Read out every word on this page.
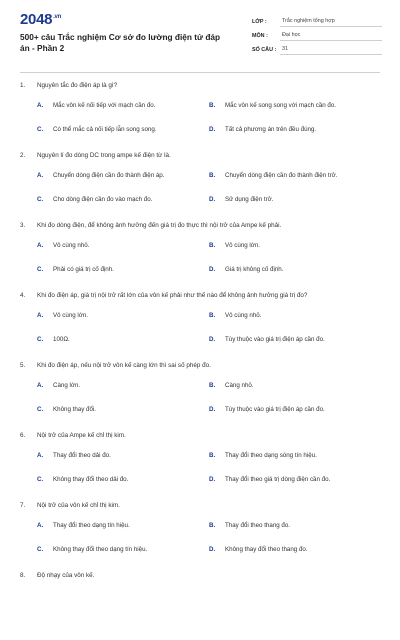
$2048^{.vn}$
500+ câu Trắc nghiệm Cơ sở đo lường điện tử đáp án - Phần 2
LỚP :	Trắc nghiệm tổng hợp
MÔN :	Đại học
SỐ CÂU :	31
1.	Nguyên tắc đo điện áp là gì?
A.	Mắc vôn kế nối tiếp với mạch cần đo.	B.	Mắc vôn kế song song với mạch cần đo.
C.	Có thể mắc cả nối tiếp lẫn song song.	D.	Tất cả phương án trên đều đúng.
2.	Nguyên lí đo dòng DC trong ampe kế điện từ là.
A.	Chuyển dòng điện cần đo thành điện áp.	B.	Chuyển dòng điện cần đo thành điện trở.
C.	Cho dòng điện cần đo vào mạch đo.	D.	Sử dụng điện trở.
3.	Khi đo dòng điện, để không ảnh hưởng đến giá trị đo thực thì nội trở của Ampe kế phải.
A.	Vô cùng nhỏ.	B.	Vô cùng lớn.
C.	Phải có giá trị cố định.	D.	Giá trị không cố định.
4.	Khi đo điện áp, giá trị nội trở rất lớn của vôn kế phải như thế nào để không ảnh hưởng giá trị đo?
A.	Vô cùng lớn.	B.	Vô cùng nhỏ.
C.	100Ω.	D.	Tùy thuộc vào giá trị điện áp cần đo.
5.	Khi đo điện áp, nếu nội trở vôn kế càng lớn thì sai số phép đo.
A.	Càng lớn.	B.	Càng nhỏ.
C.	Không thay đổi.	D.	Tùy thuộc vào giá trị điện áp cần đo.
6.	Nội trở của Ampe kế chỉ thị kim.
A.	Thay đổi theo dải đo.	B.	Thay đổi theo dạng sóng tín hiệu.
C.	Không thay đổi theo dải đo.	D.	Thay đổi theo giá trị dòng điện cần đo.
7.	Nội trở của vôn kế chỉ thị kim.
A.	Thay đổi theo dạng tín hiệu.	B.	Thay đổi theo thang đo.
C.	Không thay đổi theo dạng tín hiệu.	D.	Không thay đổi theo thang đo.
8.	Độ nhạy của vôn kế.
